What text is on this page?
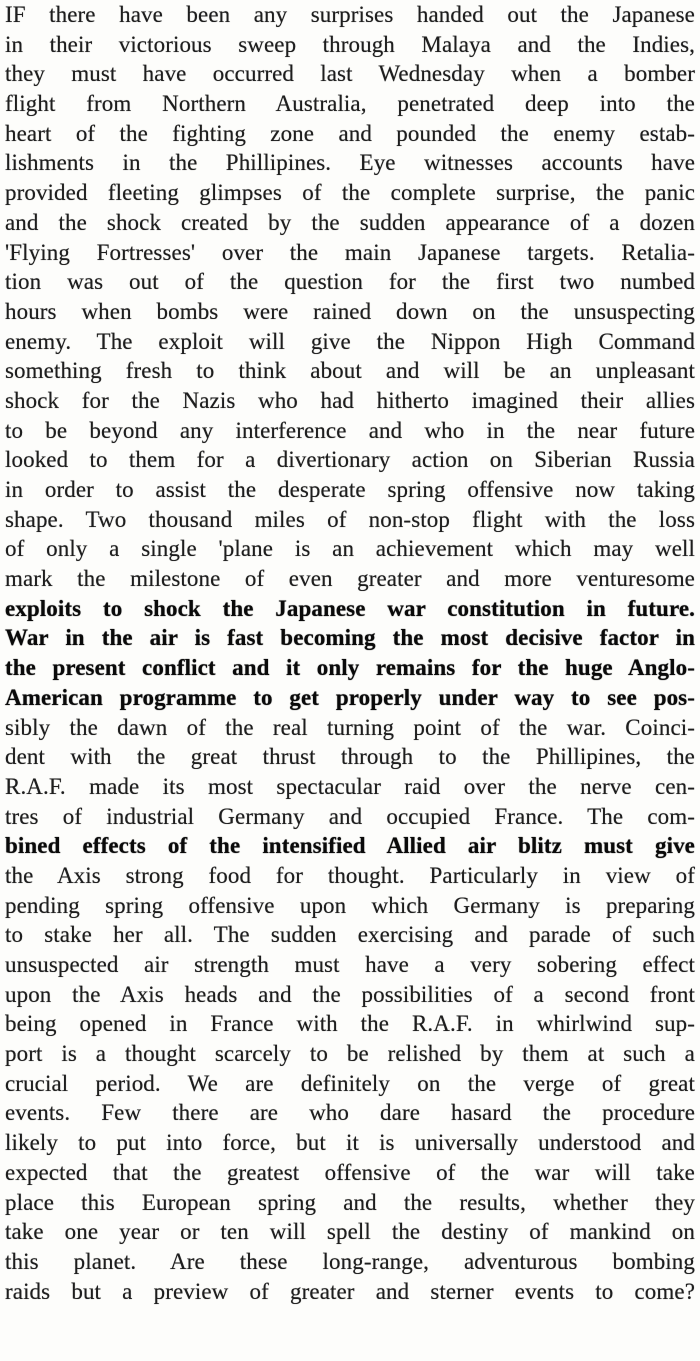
IF there have been any surprises handed out the Japanese
in their victorious sweep through Malaya and the Indies,
they must have occurred last Wednesday when a bomber
flight from Northern Australia, penetrated deep into the
heart of the fighting zone and pounded the enemy estab-
lishments in the Phillipines. Eye witnesses accounts have
provided fleeting glimpses of the complete surprise, the panic
and the shock created by the sudden appearance of a dozen
'Flying Fortresses' over the main Japanese targets. Retalia-
tion was out of the question for the first two numbed
hours when bombs were rained down on the unsuspecting
enemy. The exploit will give the Nippon High Command
something fresh to think about and will be an unpleasant
shock for the Nazis who had hitherto imagined their allies
to be beyond any interference and who in the near future
looked to them for a divertionary action on Siberian Russia
in order to assist the desperate spring offensive now taking
shape. Two thousand miles of non-stop flight with the loss
of only a single 'plane is an achievement which may well
mark the milestone of even greater and more venturesome
exploits to shock the Japanese war constitution in future.
War in the air is fast becoming the most decisive factor in
the present conflict and it only remains for the huge Anglo-
American programme to get properly under way to see pos-
sibly the dawn of the real turning point of the war. Coinci-
dent with the great thrust through to the Phillipines, the
R.A.F. made its most spectacular raid over the nerve cen-
tres of industrial Germany and occupied France. The com-
bined effects of the intensified Allied air blitz must give
the Axis strong food for thought. Particularly in view of
pending spring offensive upon which Germany is preparing
to stake her all. The sudden exercising and parade of such
unsuspected air strength must have a very sobering effect
upon the Axis heads and the possibilities of a second front
being opened in France with the R.A.F. in whirlwind sup-
port is a thought scarcely to be relished by them at such a
crucial period. We are definitely on the verge of great
events. Few there are who dare hasard the procedure
likely to put into force, but it is universally understood and
expected that the greatest offensive of the war will take
place this European spring and the results, whether they
take one year or ten will spell the destiny of mankind on
this planet. Are these long-range, adventurous bombing
raids but a preview of greater and sterner events to come?
